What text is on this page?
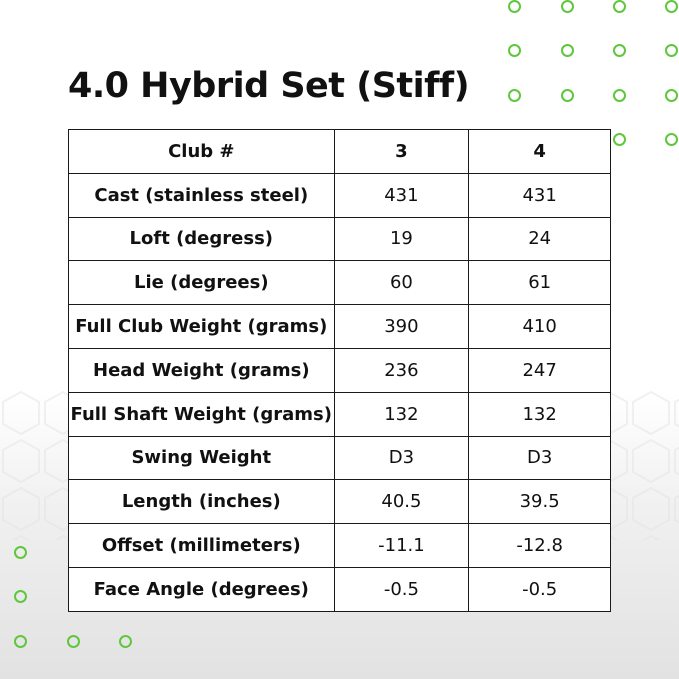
4.0 Hybrid Set (Stiff)
Club #	3	4
Cast (stainless steel)	431	431
Loft (degress)	19	24
Lie (degrees)	60	61
Full Club Weight (grams)	390	410
Head Weight (grams)	236	247
Full Shaft Weight (grams)	132	132
Swing Weight	D3	D3
Length (inches)	40.5	39.5
Offset (millimeters)	-11.1	-12.8
Face Angle (degrees)	-0.5	-0.5
